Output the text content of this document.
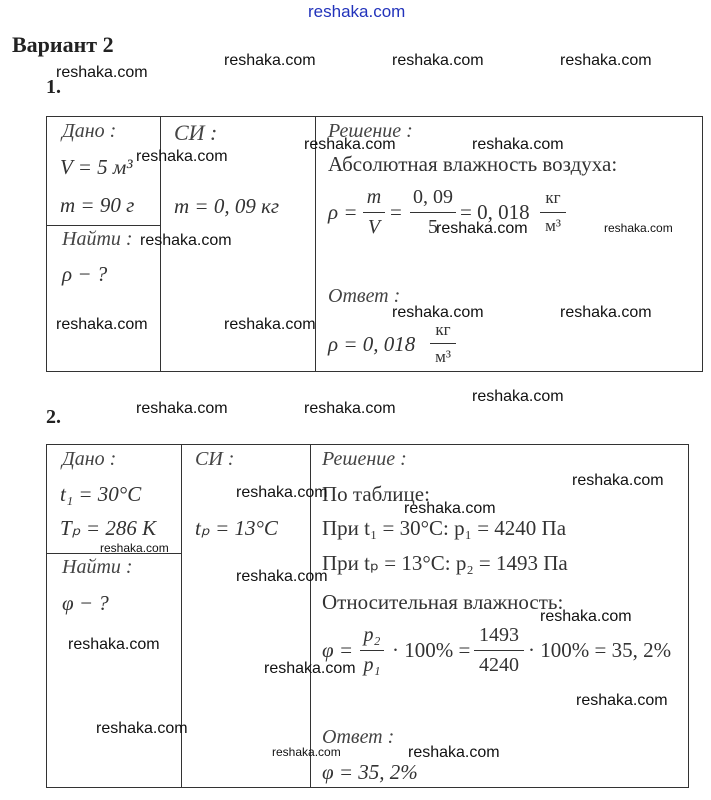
reshaka.com
Вариант 2
1.
Дано :
V = 5 м³
m = 90 г
Найти :
ρ − ?
СИ :
m = 0, 09 кг
Решение :
Абсолютная влажность воздуха:
ρ =
m
V
=
0, 09
5
= 0, 018
кг
м³
Ответ :
ρ = 0, 018
кг
м³
2.
Дано :
t₁ = 30°C
Tₚ = 286 K
Найти :
φ − ?
СИ :
tₚ = 13°C
Решение :
По таблице:
При t₁ = 30°C: p₁ = 4240 Па
При tₚ = 13°C: p₂ = 1493 Па
Относительная влажность:
φ =
p₂
p₁
· 100% =
1493
4240
· 100% = 35, 2%
Ответ :
φ = 35, 2%
reshaka.com
reshaka.com	reshaka.com	reshaka.com
reshaka.com	reshaka.com
reshaka.com
reshaka.com
reshaka.com	reshaka.com
reshaka.com	reshaka.com
reshaka.com	reshaka.com
reshaka.com
reshaka.com	reshaka.com
reshaka.com
reshaka.com
reshaka.com
reshaka.com
reshaka.com
reshaka.com
reshaka.com
reshaka.com
reshaka.com
reshaka.com
reshaka.com	reshaka.com
